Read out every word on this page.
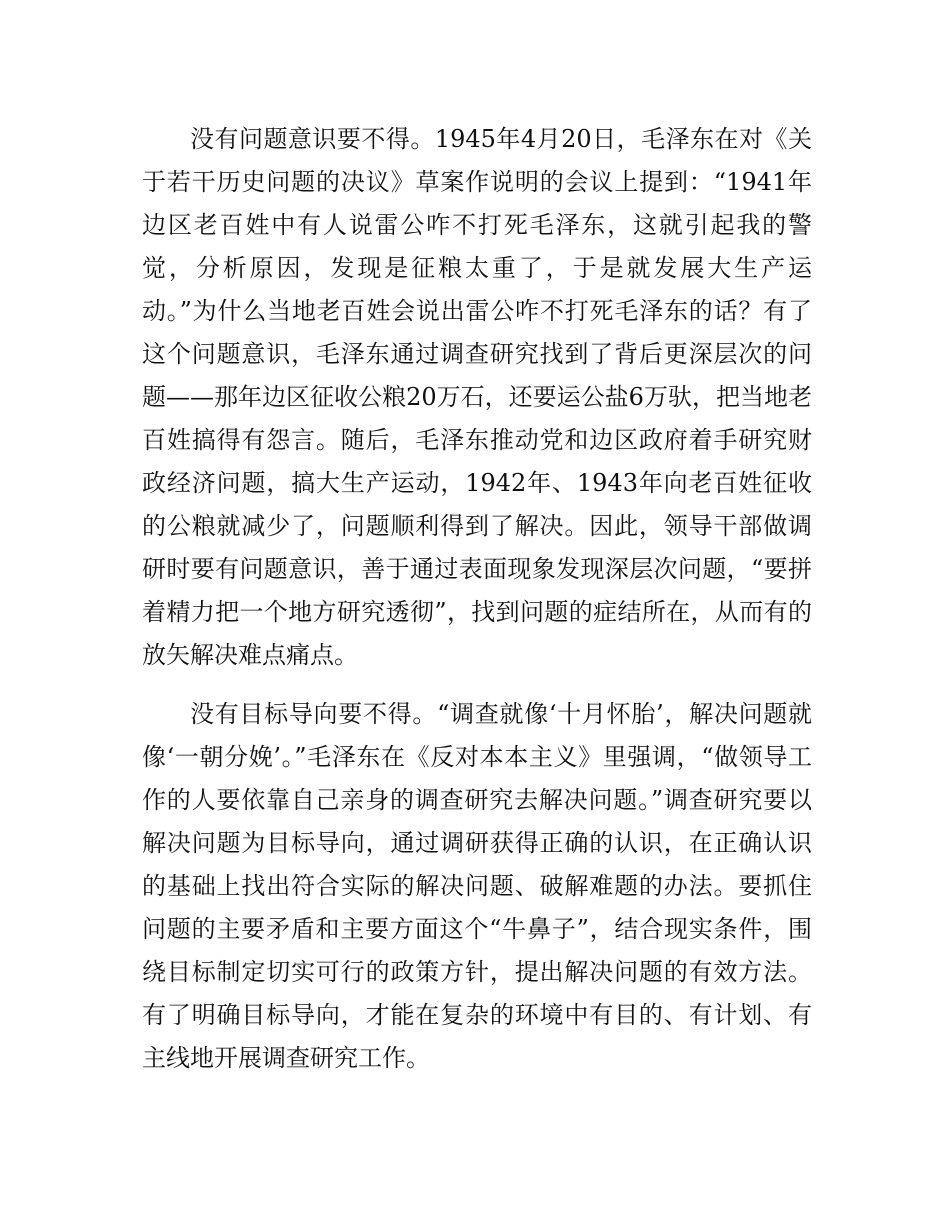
没有问题意识要不得。1945年4月20日，毛泽东在对《关于若干历史问题的决议》草案作说明的会议上提到：“1941年边区老百姓中有人说雷公咋不打死毛泽东，这就引起我的警觉，分析原因，发现是征粮太重了，于是就发展大生产运动。”为什么当地老百姓会说出雷公咋不打死毛泽东的话？有了这个问题意识，毛泽东通过调查研究找到了背后更深层次的问题——那年边区征收公粮20万石，还要运公盐6万驮，把当地老百姓搞得有怨言。随后，毛泽东推动党和边区政府着手研究财政经济问题，搞大生产运动，1942年、1943年向老百姓征收的公粮就减少了，问题顺利得到了解决。因此，领导干部做调研时要有问题意识，善于通过表面现象发现深层次问题，“要拼着精力把一个地方研究透彻”，找到问题的症结所在，从而有的放矢解决难点痛点。

没有目标导向要不得。“调查就像‘十月怀胎’，解决问题就像‘一朝分娩’。”毛泽东在《反对本本主义》里强调，“做领导工作的人要依靠自己亲身的调查研究去解决问题。”调查研究要以解决问题为目标导向，通过调研获得正确的认识，在正确认识的基础上找出符合实际的解决问题、破解难题的办法。要抓住问题的主要矛盾和主要方面这个“牛鼻子”，结合现实条件，围绕目标制定切实可行的政策方针，提出解决问题的有效方法。有了明确目标导向，才能在复杂的环境中有目的、有计划、有主线地开展调查研究工作。
